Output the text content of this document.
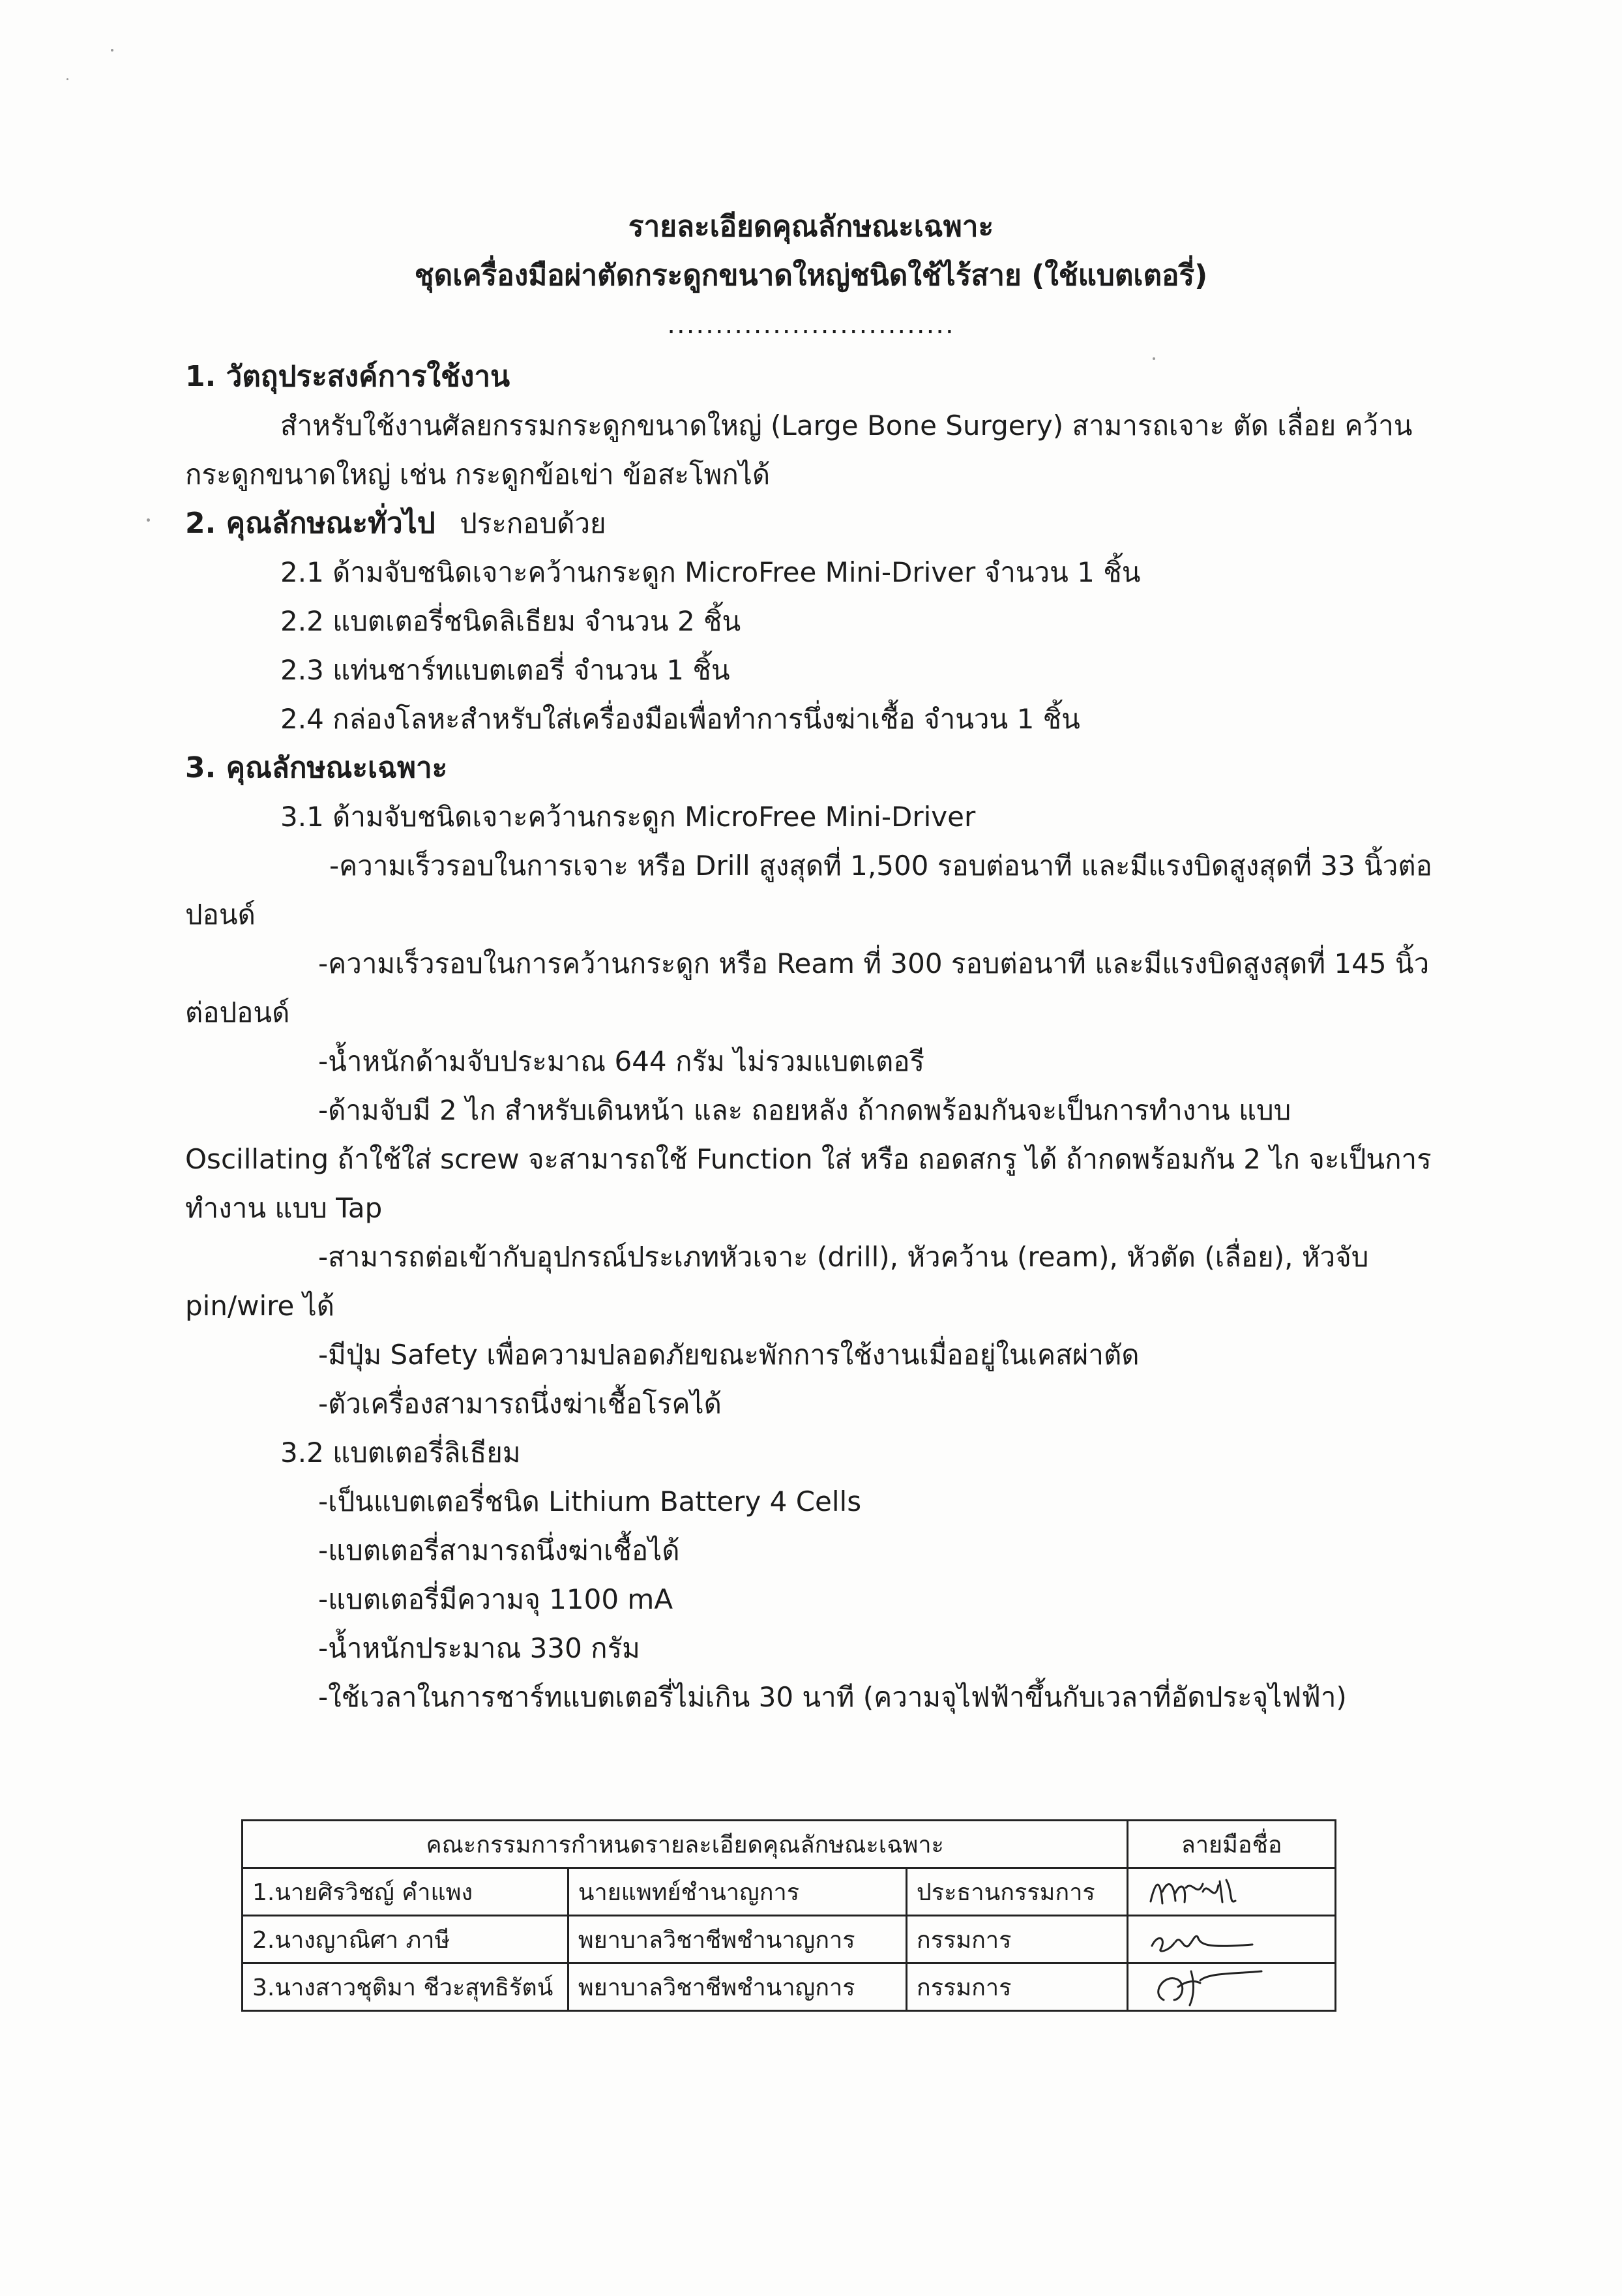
รายละเอียดคุณลักษณะเฉพาะ
ชุดเครื่องมือผ่าตัดกระดูกขนาดใหญ่ชนิดใช้ไร้สาย (ใช้แบตเตอรี่)
..............................
1. วัตถุประสงค์การใช้งาน
สำหรับใช้งานศัลยกรรมกระดูกขนาดใหญ่ (Large Bone Surgery) สามารถเจาะ ตัด เลื่อย คว้าน
กระดูกขนาดใหญ่ เช่น กระดูกข้อเข่า ข้อสะโพกได้
2. คุณลักษณะทั่วไป ประกอบด้วย
2.1 ด้ามจับชนิดเจาะคว้านกระดูก MicroFree Mini-Driver จำนวน 1 ชิ้น
2.2 แบตเตอรี่ชนิดลิเธียม จำนวน 2 ชิ้น
2.3 แท่นชาร์ทแบตเตอรี่ จำนวน 1 ชิ้น
2.4 กล่องโลหะสำหรับใส่เครื่องมือเพื่อทำการนึ่งฆ่าเชื้อ จำนวน 1 ชิ้น
3. คุณลักษณะเฉพาะ
3.1 ด้ามจับชนิดเจาะคว้านกระดูก MicroFree Mini-Driver
-ความเร็วรอบในการเจาะ หรือ Drill สูงสุดที่ 1,500 รอบต่อนาที และมีแรงบิดสูงสุดที่ 33 นิ้วต่อ
ปอนด์
-ความเร็วรอบในการคว้านกระดูก หรือ Ream ที่ 300 รอบต่อนาที และมีแรงบิดสูงสุดที่ 145 นิ้ว
ต่อปอนด์
-น้ำหนักด้ามจับประมาณ 644 กรัม ไม่รวมแบตเตอรี
-ด้ามจับมี 2 ไก สำหรับเดินหน้า และ ถอยหลัง ถ้ากดพร้อมกันจะเป็นการทำงาน แบบ
Oscillating ถ้าใช้ใส่ screw จะสามารถใช้ Function ใส่ หรือ ถอดสกรู ได้ ถ้ากดพร้อมกัน 2 ไก จะเป็นการ
ทำงาน แบบ Tap
-สามารถต่อเข้ากับอุปกรณ์ประเภทหัวเจาะ (drill), หัวคว้าน (ream), หัวตัด (เลื่อย), หัวจับ
pin/wire ได้
-มีปุ่ม Safety เพื่อความปลอดภัยขณะพักการใช้งานเมื่ออยู่ในเคสผ่าตัด
-ตัวเครื่องสามารถนึ่งฆ่าเชื้อโรคได้
3.2 แบตเตอรี่ลิเธียม
-เป็นแบตเตอรี่ชนิด Lithium Battery 4 Cells
-แบตเตอรี่สามารถนึ่งฆ่าเชื้อได้
-แบตเตอรี่มีความจุ 1100 mA
-น้ำหนักประมาณ 330 กรัม
-ใช้เวลาในการชาร์ทแบตเตอรี่ไม่เกิน 30 นาที (ความจุไฟฟ้าขึ้นกับเวลาที่อัดประจุไฟฟ้า)
คณะกรรมการกำหนดรายละเอียดคุณลักษณะเฉพาะ			ลายมือชื่อ
1.นายศิรวิชญ์ คำแพง	นายแพทย์ชำนาญการ	ประธานกรรมการ	

2.นางญาณิศา ภาษี	พยาบาลวิชาชีพชำนาญการ	กรรมการ	

3.นางสาวชุติมา ชีวะสุทธิรัตน์	พยาบาลวิชาชีพชำนาญการ	กรรมการ	
